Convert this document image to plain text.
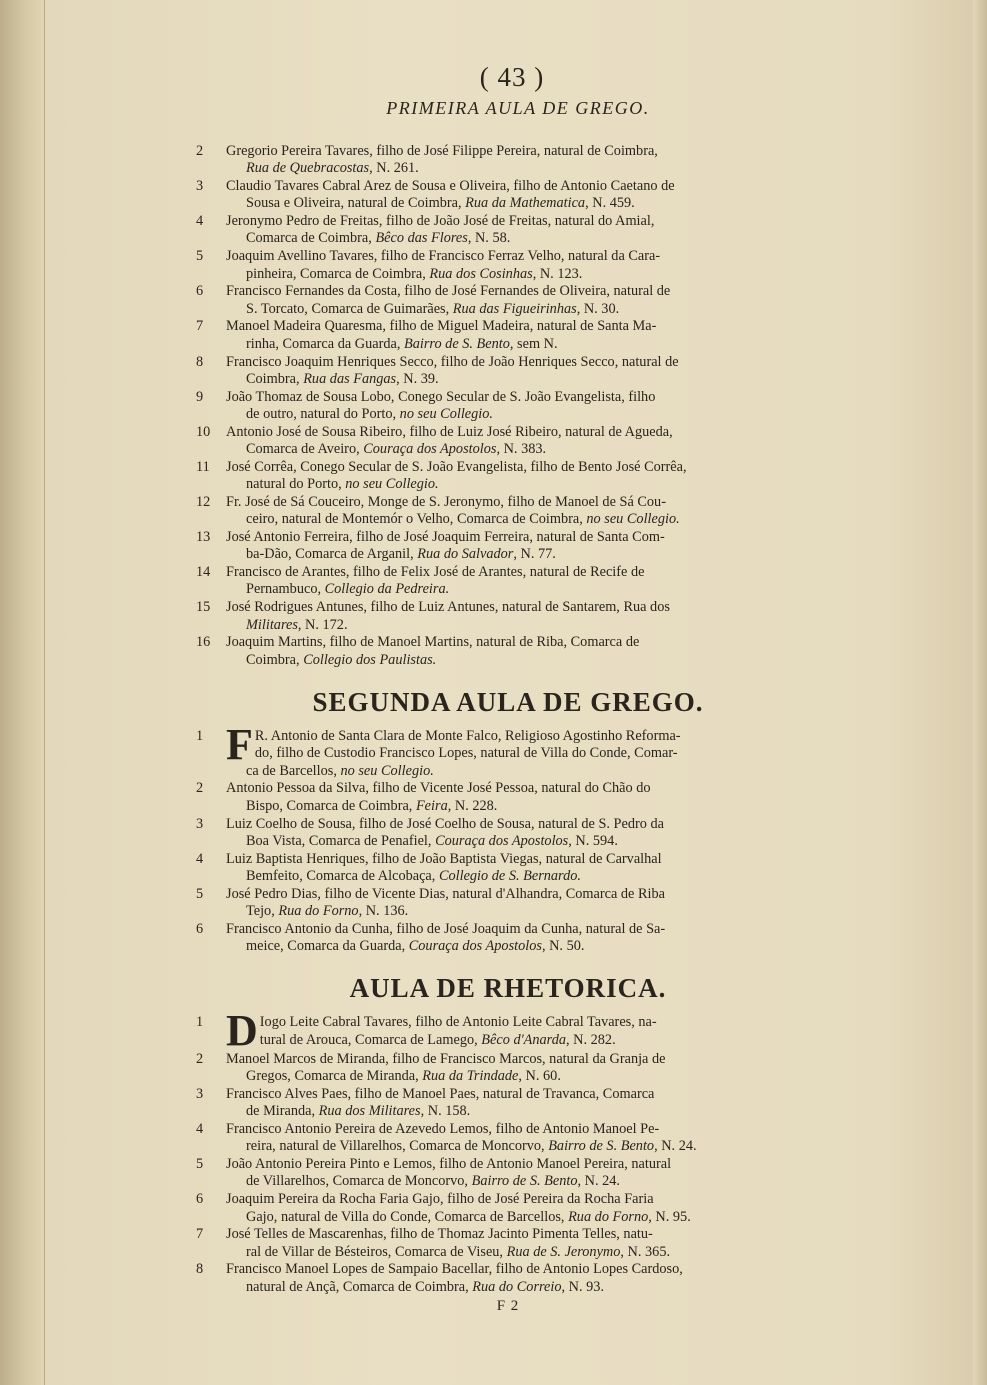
( 43 )
PRIMEIRA AULA DE GREGO.
2	Gregorio Pereira Tavares, filho de José Filippe Pereira, natural de Coimbra,
Rua de Quebracostas, N. 261.
3	Claudio Tavares Cabral Arez de Sousa e Oliveira, filho de Antonio Caetano de
Sousa e Oliveira, natural de Coimbra, Rua da Mathematica, N. 459.
4	Jeronymo Pedro de Freitas, filho de João José de Freitas, natural do Amial,
Comarca de Coimbra, Bêco das Flores, N. 58.
5	Joaquim Avellino Tavares, filho de Francisco Ferraz Velho, natural da Cara-
pinheira, Comarca de Coimbra, Rua dos Cosinhas, N. 123.
6	Francisco Fernandes da Costa, filho de José Fernandes de Oliveira, natural de
S. Torcato, Comarca de Guimarães, Rua das Figueirinhas, N. 30.
7	Manoel Madeira Quaresma, filho de Miguel Madeira, natural de Santa Ma-
rinha, Comarca da Guarda, Bairro de S. Bento, sem N.
8	Francisco Joaquim Henriques Secco, filho de João Henriques Secco, natural de
Coimbra, Rua das Fangas, N. 39.
9	João Thomaz de Sousa Lobo, Conego Secular de S. João Evangelista, filho
de outro, natural do Porto, no seu Collegio.
10	Antonio José de Sousa Ribeiro, filho de Luiz José Ribeiro, natural de Agueda,
Comarca de Aveiro, Couraça dos Apostolos, N. 383.
11	José Corrêa, Conego Secular de S. João Evangelista, filho de Bento José Corrêa,
natural do Porto, no seu Collegio.
12	Fr. José de Sá Couceiro, Monge de S. Jeronymo, filho de Manoel de Sá Cou-
ceiro, natural de Montemór o Velho, Comarca de Coimbra, no seu Collegio.
13	José Antonio Ferreira, filho de José Joaquim Ferreira, natural de Santa Com-
ba-Dão, Comarca de Arganil, Rua do Salvador, N. 77.
14	Francisco de Arantes, filho de Felix José de Arantes, natural de Recife de
Pernambuco, Collegio da Pedreira.
15	José Rodrigues Antunes, filho de Luiz Antunes, natural de Santarem, Rua dos
Militares, N. 172.
16	Joaquim Martins, filho de Manoel Martins, natural de Riba, Comarca de
Coimbra, Collegio dos Paulistas.
SEGUNDA AULA DE GREGO.
1 F R. Antonio de Santa Clara de Monte Falco, Religioso Agostinho Reforma-
do, filho de Custodio Francisco Lopes, natural de Villa do Conde, Comar-
ca de Barcellos, no seu Collegio.
2	Antonio Pessoa da Silva, filho de Vicente José Pessoa, natural do Chão do
Bispo, Comarca de Coimbra, Feira, N. 228.
3	Luiz Coelho de Sousa, filho de José Coelho de Sousa, natural de S. Pedro da
Boa Vista, Comarca de Penafiel, Couraça dos Apostolos, N. 594.
4	Luiz Baptista Henriques, filho de João Baptista Viegas, natural de Carvalhal
Bemfeito, Comarca de Alcobaça, Collegio de S. Bernardo.
5	José Pedro Dias, filho de Vicente Dias, natural d'Alhandra, Comarca de Riba
Tejo, Rua do Forno, N. 136.
6	Francisco Antonio da Cunha, filho de José Joaquim da Cunha, natural de Sa-
meice, Comarca da Guarda, Couraça dos Apostolos, N. 50.
AULA DE RHETORICA.
1 D Iogo Leite Cabral Tavares, filho de Antonio Leite Cabral Tavares, na-
tural de Arouca, Comarca de Lamego, Bêco d'Anarda, N. 282.
2	Manoel Marcos de Miranda, filho de Francisco Marcos, natural da Granja de
Gregos, Comarca de Miranda, Rua da Trindade, N. 60.
3	Francisco Alves Paes, filho de Manoel Paes, natural de Travanca, Comarca
de Miranda, Rua dos Militares, N. 158.
4	Francisco Antonio Pereira de Azevedo Lemos, filho de Antonio Manoel Pe-
reira, natural de Villarelhos, Comarca de Moncorvo, Bairro de S. Bento, N. 24.
5	João Antonio Pereira Pinto e Lemos, filho de Antonio Manoel Pereira, natural
de Villarelhos, Comarca de Moncorvo, Bairro de S. Bento, N. 24.
6	Joaquim Pereira da Rocha Faria Gajo, filho de José Pereira da Rocha Faria
Gajo, natural de Villa do Conde, Comarca de Barcellos, Rua do Forno, N. 95.
7	José Telles de Mascarenhas, filho de Thomaz Jacinto Pimenta Telles, natu-
ral de Villar de Bésteiros, Comarca de Viseu, Rua de S. Jeronymo, N. 365.
8	Francisco Manoel Lopes de Sampaio Bacellar, filho de Antonio Lopes Cardoso,
natural de Ançã, Comarca de Coimbra, Rua do Correio, N. 93.
F 2
